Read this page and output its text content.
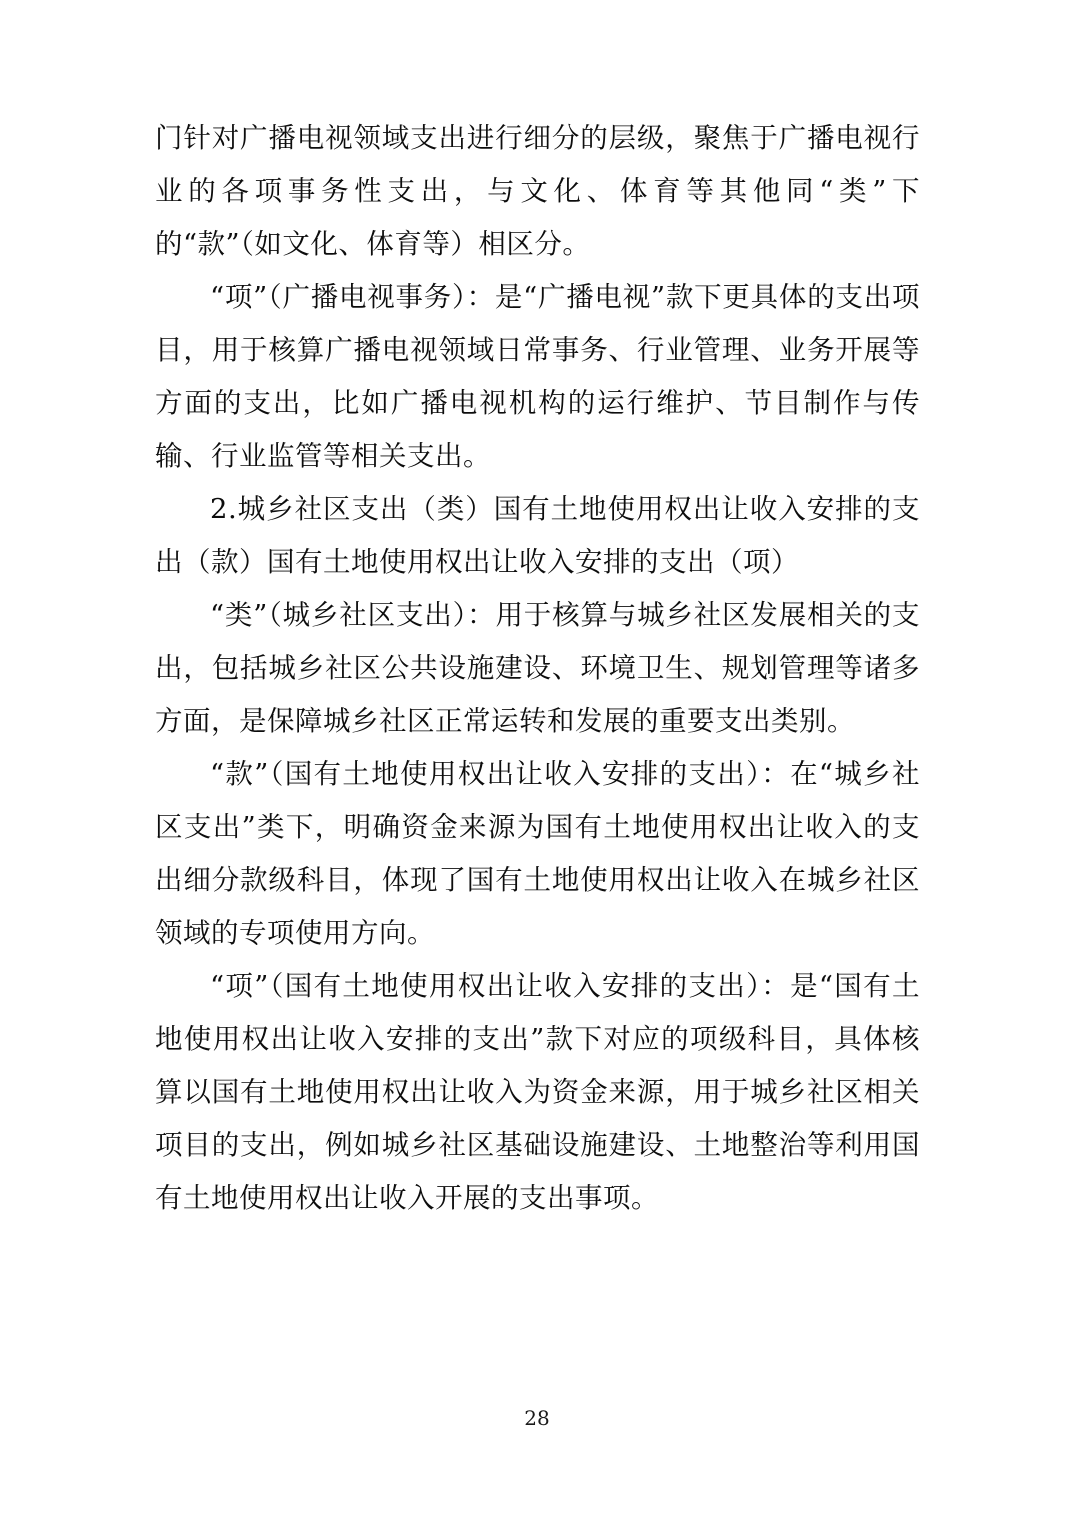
门针对广播电视领域支出进行细分的层级，聚焦于广播电视行业的各项事务性支出，与文化、体育等其他同“类”下的“款”（如文化、体育等）相区分。

“项”（广播电视事务）：是“广播电视”款下更具体的支出项目，用于核算广播电视领域日常事务、行业管理、业务开展等方面的支出，比如广播电视机构的运行维护、节目制作与传输、行业监管等相关支出。

2.城乡社区支出（类）国有土地使用权出让收入安排的支出（款）国有土地使用权出让收入安排的支出（项）

“类”（城乡社区支出）：用于核算与城乡社区发展相关的支出，包括城乡社区公共设施建设、环境卫生、规划管理等诸多方面，是保障城乡社区正常运转和发展的重要支出类别。

“款”（国有土地使用权出让收入安排的支出）：在“城乡社区支出”类下，明确资金来源为国有土地使用权出让收入的支出细分款级科目，体现了国有土地使用权出让收入在城乡社区领域的专项使用方向。

“项”（国有土地使用权出让收入安排的支出）：是“国有土地使用权出让收入安排的支出”款下对应的项级科目，具体核算以国有土地使用权出让收入为资金来源，用于城乡社区相关项目的支出，例如城乡社区基础设施建设、土地整治等利用国有土地使用权出让收入开展的支出事项。

28
